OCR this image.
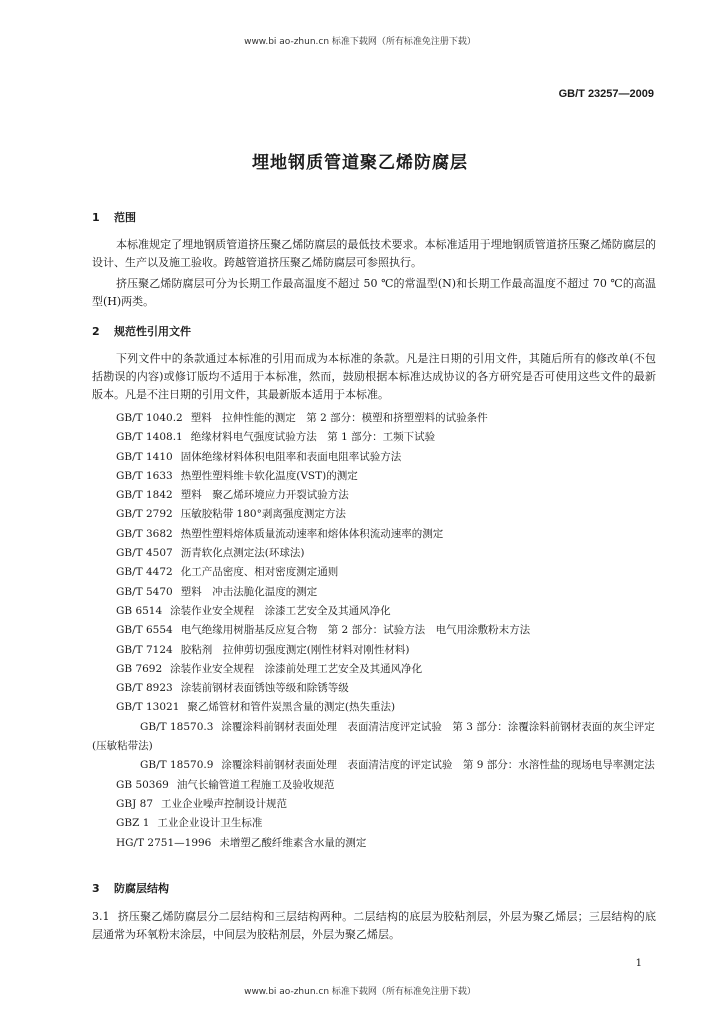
www.bi ao-zhun.cn 标准下载网（所有标准免注册下载）
GB/T 23257—2009
埋地钢质管道聚乙烯防腐层
1 范围
本标准规定了埋地钢质管道挤压聚乙烯防腐层的最低技术要求。本标准适用于埋地钢质管道挤压聚乙烯防腐层的设计、生产以及施工验收。跨越管道挤压聚乙烯防腐层可参照执行。
挤压聚乙烯防腐层可分为长期工作最高温度不超过 50 ℃的常温型(N)和长期工作最高温度不超过 70 ℃的高温型(H)两类。
2 规范性引用文件
下列文件中的条款通过本标准的引用而成为本标准的条款。凡是注日期的引用文件，其随后所有的修改单(不包括勘误的内容)或修订版均不适用于本标准，然而，鼓励根据本标准达成协议的各方研究是否可使用这些文件的最新版本。凡是不注日期的引用文件，其最新版本适用于本标准。
GB/T 1040.2 塑料　拉伸性能的测定　第 2 部分：模塑和挤塑塑料的试验条件
GB/T 1408.1 绝缘材料电气强度试验方法　第 1 部分：工频下试验
GB/T 1410 固体绝缘材料体积电阻率和表面电阻率试验方法
GB/T 1633 热塑性塑料维卡软化温度(VST)的测定
GB/T 1842 塑料　聚乙烯环境应力开裂试验方法
GB/T 2792 压敏胶粘带 180°剥离强度测定方法
GB/T 3682 热塑性塑料熔体质量流动速率和熔体体积流动速率的测定
GB/T 4507 沥青软化点测定法(环球法)
GB/T 4472 化工产品密度、相对密度测定通则
GB/T 5470 塑料　冲击法脆化温度的测定
GB 6514 涂装作业安全规程　涂漆工艺安全及其通风净化
GB/T 6554 电气绝缘用树脂基反应复合物　第 2 部分：试验方法　电气用涂敷粉末方法
GB/T 7124 胶粘剂　拉伸剪切强度测定(刚性材料对刚性材料)
GB 7692 涂装作业安全规程　涂漆前处理工艺安全及其通风净化
GB/T 8923 涂装前钢材表面锈蚀等级和除锈等级
GB/T 13021 聚乙烯管材和管件炭黑含量的测定(热失重法)
GB/T 18570.3 涂覆涂料前钢材表面处理　表面清洁度评定试验　第 3 部分：涂覆涂料前钢材表面的灰尘评定(压敏粘带法)
GB/T 18570.9 涂覆涂料前钢材表面处理　表面清洁度的评定试验　第 9 部分：水溶性盐的现场电导率测定法
GB 50369 油气长输管道工程施工及验收规范
GBJ 87 工业企业噪声控制设计规范
GBZ 1 工业企业设计卫生标准
HG/T 2751—1996 未增塑乙酸纤维素含水量的测定
3 防腐层结构
3.1 挤压聚乙烯防腐层分二层结构和三层结构两种。二层结构的底层为胶粘剂层，外层为聚乙烯层；三层结构的底层通常为环氧粉末涂层，中间层为胶粘剂层，外层为聚乙烯层。
1
www.bi ao-zhun.cn 标准下载网（所有标准免注册下载）
